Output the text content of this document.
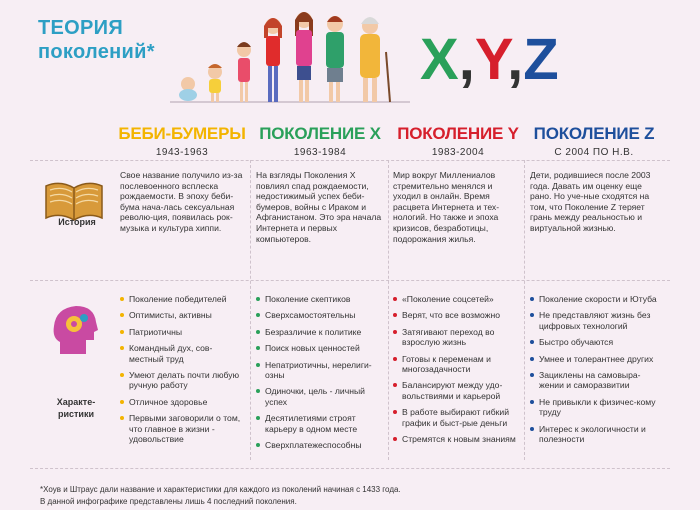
ТЕОРИЯ
поколений*	X,Y,Z
БЕБИ-БУМЕРЫ
1943-1963
ПОКОЛЕНИЕ X
1963-1984
ПОКОЛЕНИЕ Y
1983-2004
ПОКОЛЕНИЕ Z
С 2004 ПО Н.В.
История
Характе-
ристики

Свое название получило из-за послевоенного всплеска рождаемости. В эпоху беби-бума нача-лась сексуальная револю-ция, появилась рок-музыка и культура хиппи.

На взгляды Поколения X повлиял спад рождаемости, недостижимый успех беби-бумеров, войны с Ираком и Афганистаном. Это эра начала Интернета и первых компьютеров.

Мир вокруг Миллениалов стремительно менялся и уходил в онлайн. Время расцвета Интернета и тех-нологий. Но также и эпоха кризисов, безработицы, подорожания жилья.

Дети, родившиеся после 2003 года. Давать им оценку еще рано. Но уче-ные сходятся на том, что Поколение Z теряет грань между реальностью и виртуальной жизнью.

Поколение победителей
Оптимисты, активны
Патриотичны
Командный дух, сов-местный труд
Умеют делать почти любую ручную работу
Отличное здоровье
Первыми заговорили о том, что главное в жизни - удовольствие
Поколение скептиков
Сверхсамостоятельны
Безразличие к политике
Поиск новых ценностей
Непатриотичны, нерелиги-озны
Одиночки, цель - личный успех
Десятилетиями строят карьеру в одном месте
Сверхплатежеспособны
«Поколение соцсетей»
Верят, что все возможно
Затягивают переход во взрослую жизнь
Готовы к переменам и многозадачности
Балансируют между удо-вольствиями и карьерой
В работе выбирают гибкий график и быст-рые деньги
Стремятся к новым знаниям
Поколение скорости и Ютуба
Не представляют жизнь без цифровых технологий
Быстро обучаются
Умнее и толерантнее других
Зациклены на самовыра-жении и саморазвитии
Не привыкли к физичес-кому труду
Интерес к экологичности и полезности
*Хоув и Штраус дали название и характеристики для каждого из поколений начиная с 1433 года.
В данной инфографике представлены лишь 4 последний поколения.
